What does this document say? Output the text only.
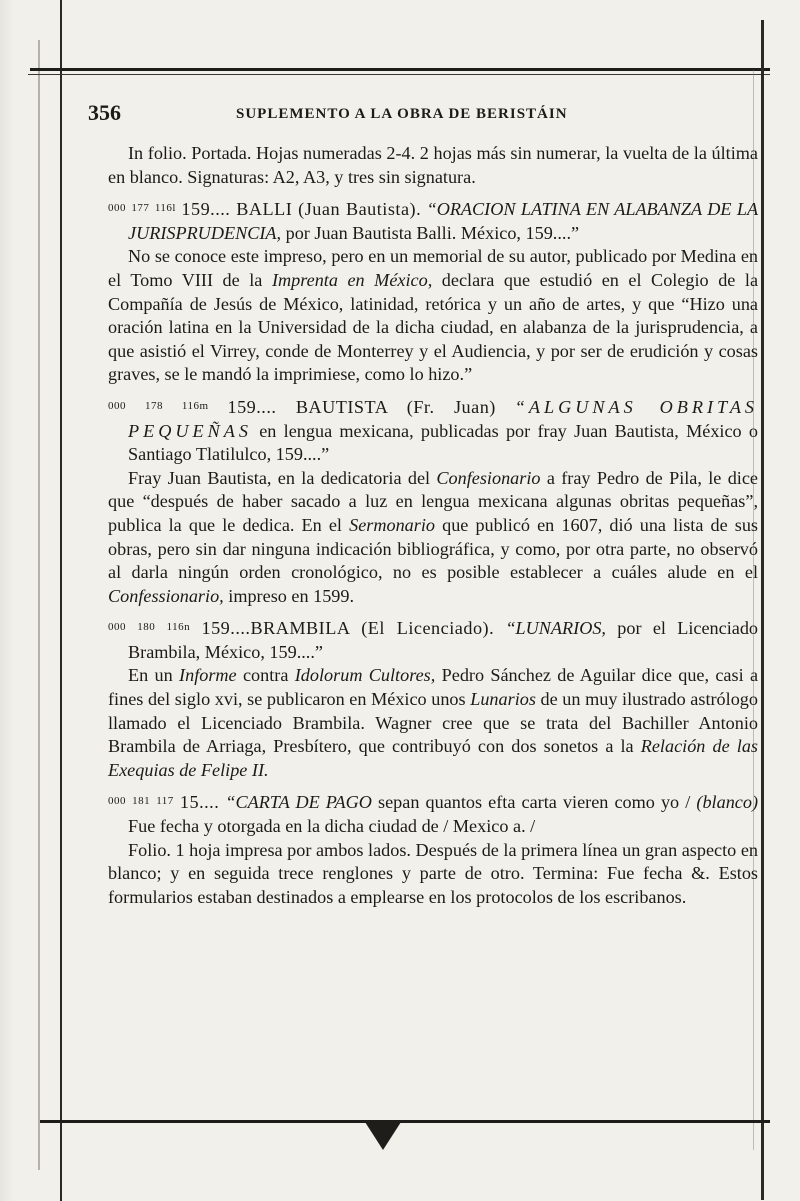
356	SUPLEMENTO A LA OBRA DE BERISTÁIN

In folio. Portada. Hojas numeradas 2-4. 2 hojas más sin numerar, la vuelta de la última en blanco. Signaturas: A2, A3, y tres sin signatura.

$^{000}$ $^{177}$ $^{116l}$ 159.... BALLI (Juan Bautista). “ORACION LATINA EN ALABANZA DE LA JURISPRUDENCIA, por Juan Bautista Balli. México, 159....”

No se conoce este impreso, pero en un memorial de su autor, publicado por Medina en el Tomo VIII de la Imprenta en México, declara que estudió en el Colegio de la Compañía de Jesús de México, latinidad, retórica y un año de artes, y que “Hizo una oración latina en la Universidad de la dicha ciudad, en alabanza de la jurisprudencia, a que asistió el Virrey, conde de Monterrey y el Audiencia, y por ser de erudición y cosas graves, se le mandó la imprimiese, como lo hizo.”

$^{000}$ $^{178}$ $^{116m}$ 159.... BAUTISTA (Fr. Juan) “ALGUNAS OBRITAS PEQUEÑAS en lengua mexicana, publicadas por fray Juan Bautista, México o Santiago Tlatilulco, 159....”

Fray Juan Bautista, en la dedicatoria del Confesionario a fray Pedro de Pila, le dice que “después de haber sacado a luz en lengua mexicana algunas obritas pequeñas”, publica la que le dedica. En el Sermonario que publicó en 1607, dió una lista de sus obras, pero sin dar ninguna indicación bibliográfica, y como, por otra parte, no observó al darla ningún orden cronológico, no es posible establecer a cuáles alude en el Confessionario, impreso en 1599.

$^{000}$ $^{180}$ $^{116n}$ 159....BRAMBILA (El Licenciado). “LUNARIOS, por el Licenciado Brambila, México, 159....”

En un Informe contra Idolorum Cultores, Pedro Sánchez de Aguilar dice que, casi a fines del siglo xvi, se publicaron en México unos Lunarios de un muy ilustrado astrólogo llamado el Licenciado Brambila. Wagner cree que se trata del Bachiller Antonio Brambila de Arriaga, Presbítero, que contribuyó con dos sonetos a la Relación de las Exequias de Felipe II.

$^{000}$ $^{181}$ $^{117}$ 15.... “CARTA DE PAGO sepan quantos efta carta vieren como yo / (blanco) Fue fecha y otorgada en la dicha ciudad de / Mexico a. /

Folio. 1 hoja impresa por ambos lados. Después de la primera línea un gran aspecto en blanco; y en seguida trece renglones y parte de otro. Termina: Fue fecha &. Estos formularios estaban destinados a emplearse en los protocolos de los escribanos.
